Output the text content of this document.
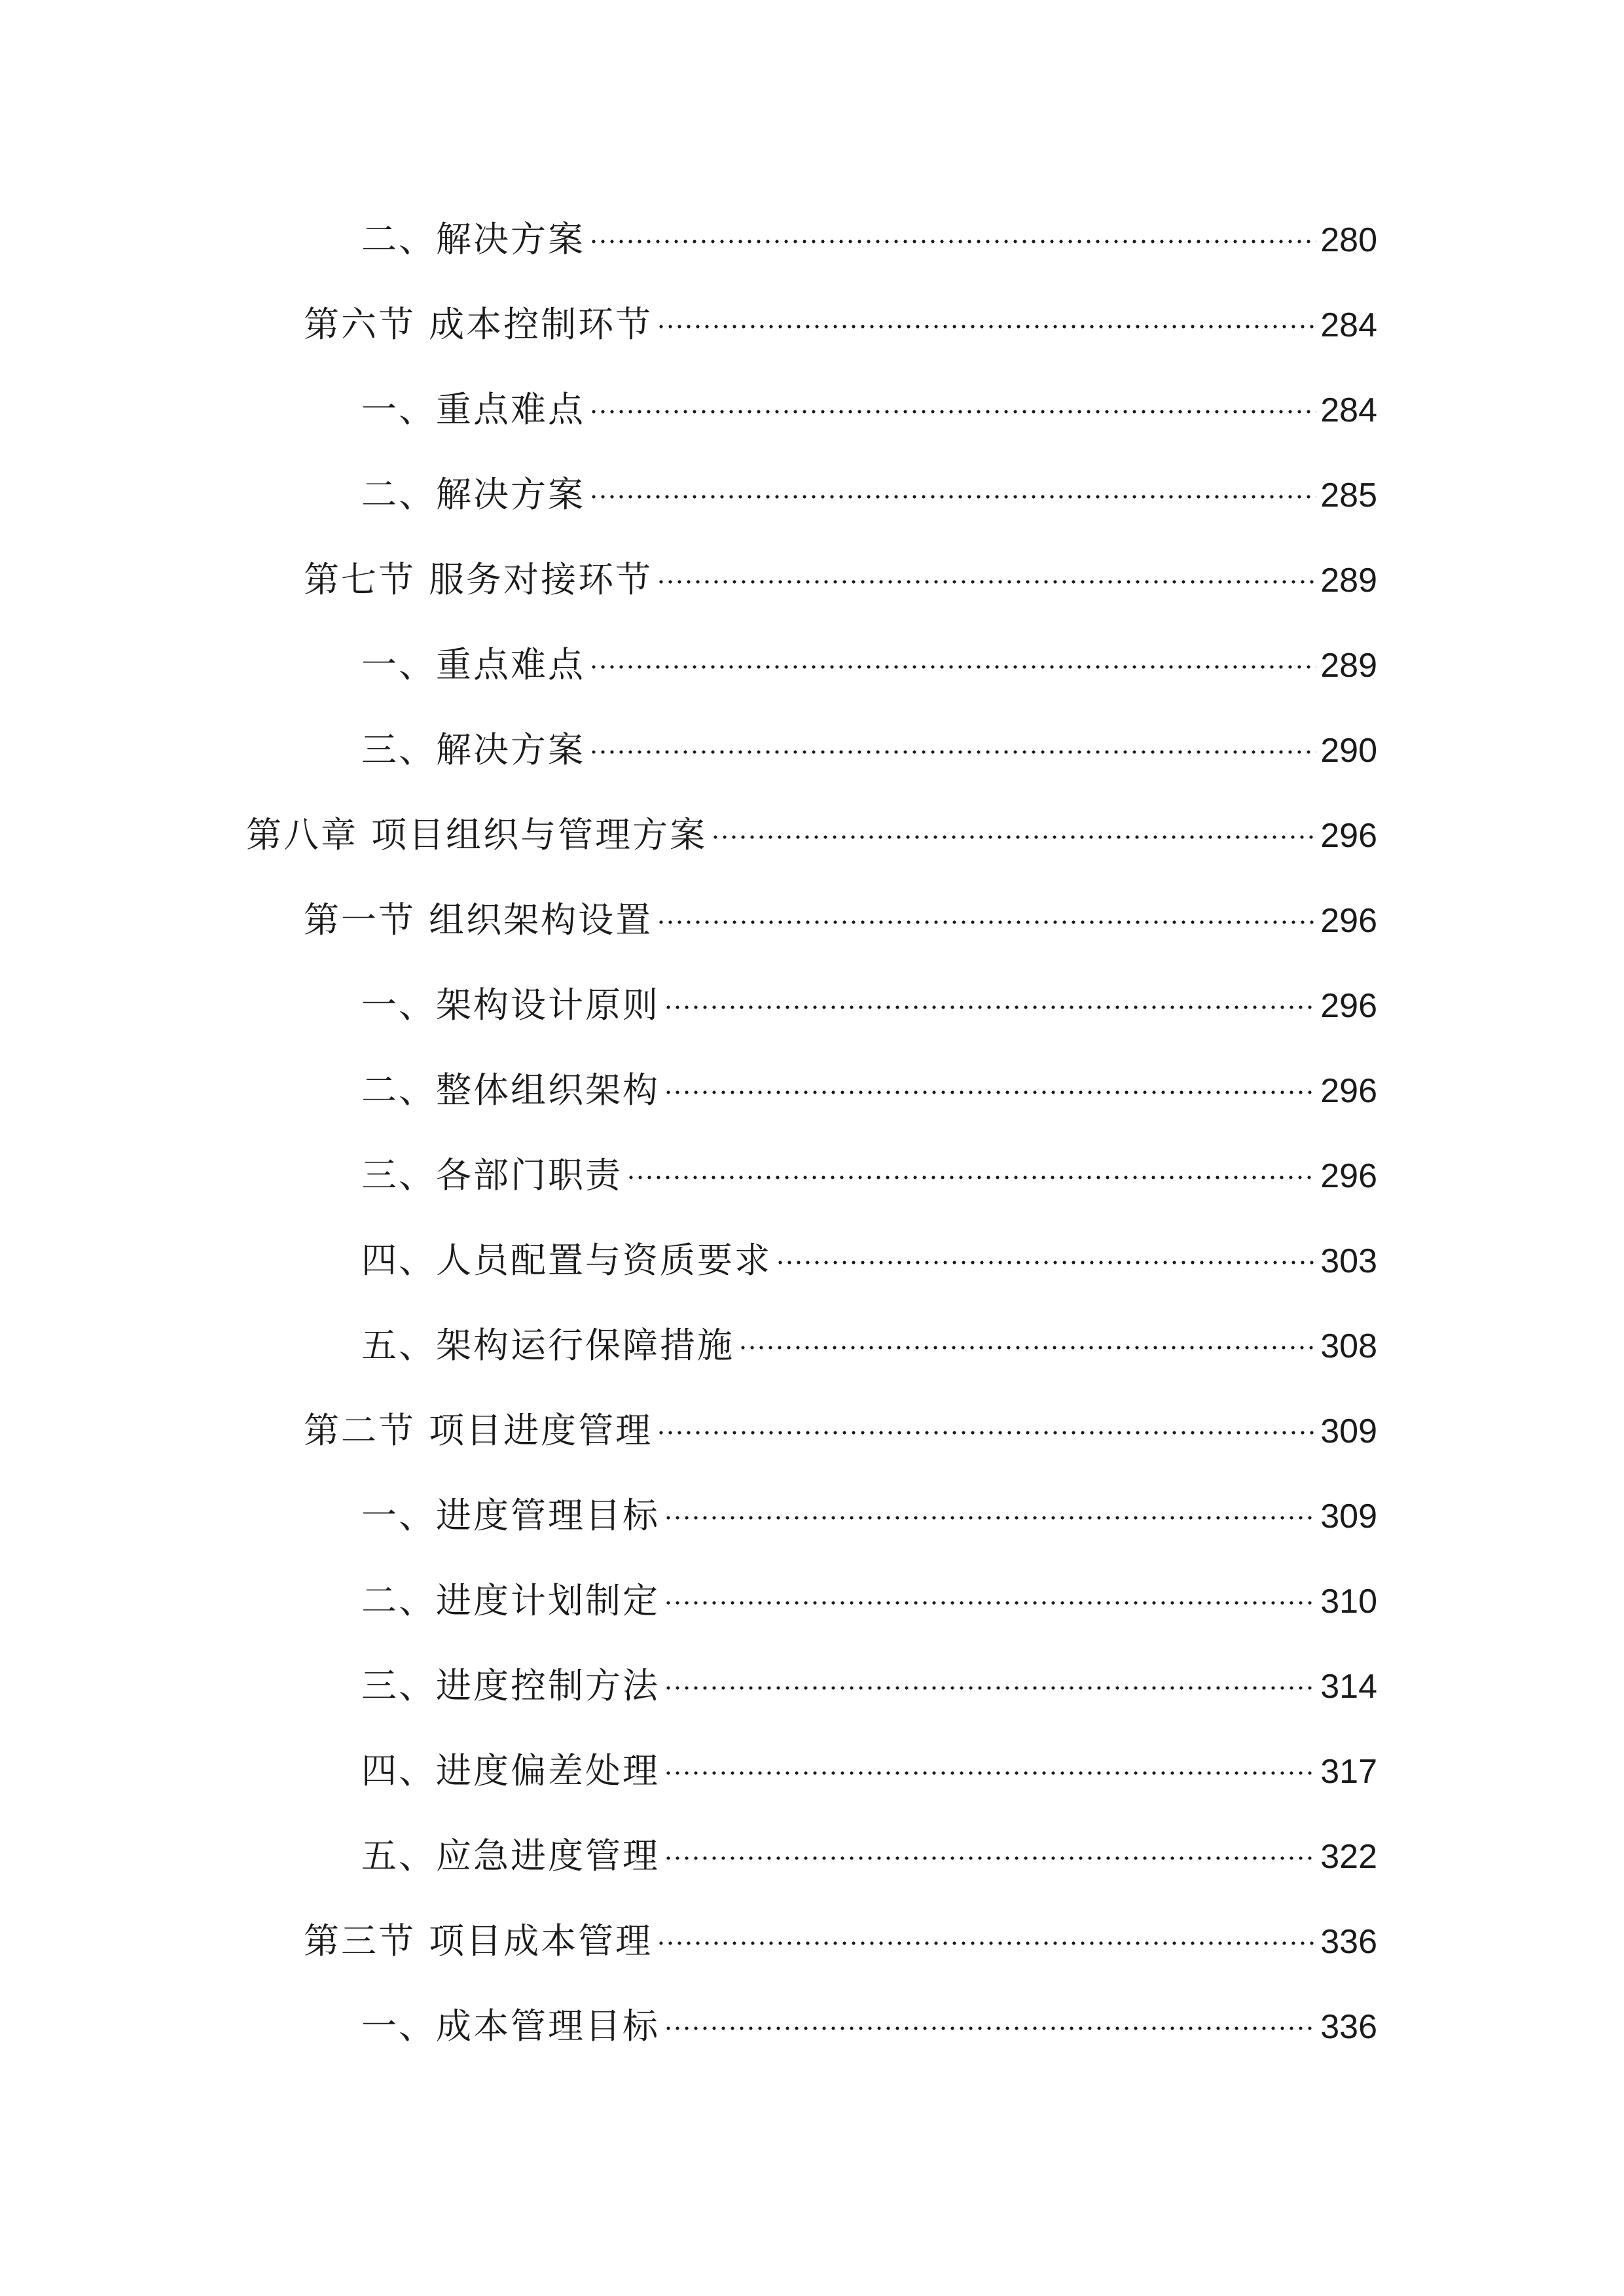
二、解决方案	280
第六节 成本控制环节	284
一、重点难点	284
二、解决方案	285
第七节 服务对接环节	289
一、重点难点	289
三、解决方案	290
第八章 项目组织与管理方案	296
第一节 组织架构设置	296
一、架构设计原则	296
二、整体组织架构	296
三、各部门职责	296
四、人员配置与资质要求	303
五、架构运行保障措施	308
第二节 项目进度管理	309
一、进度管理目标	309
二、进度计划制定	310
三、进度控制方法	314
四、进度偏差处理	317
五、应急进度管理	322
第三节 项目成本管理	336
一、成本管理目标	336
